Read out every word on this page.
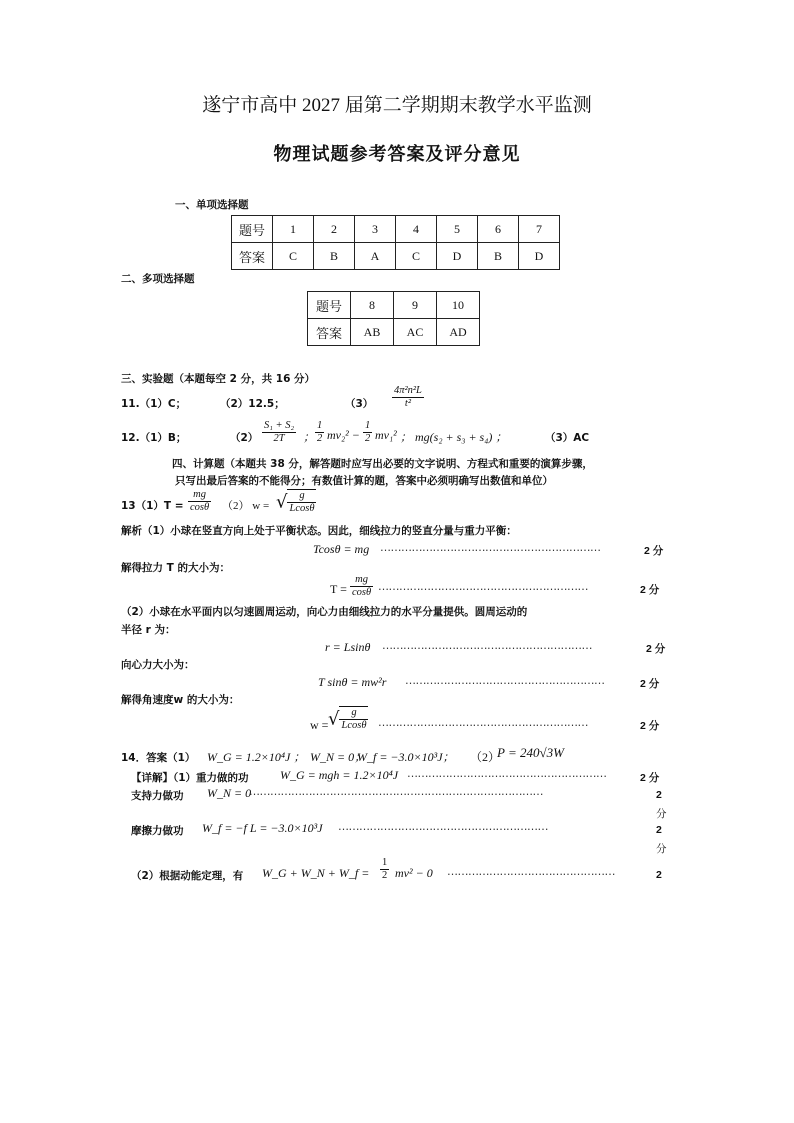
遂宁市高中 2027 届第二学期期末教学水平监测
物理试题参考答案及评分意见
一、单项选择题
题号	1	2	3	4	5	6	7
答案	C	B	A	C	D	B	D
二、多项选择题
题号	8	9	10
答案	AB	AC	AD
三、实验题（本题每空 2 分，共 16 分）
11.（1）C；	（2）12.5；	$(3) \frac{\text{4π²n²L}}{\text{t²}}$
12.（1）B；	$(2) \frac{\text{S₁ + S₂}}{2T}$ ； $\frac{1}{2} mv_2^2 - \frac{1}{2} mv_1^2$ ； mg(s₂ + s₃ + s₄) ；	（3）AC
四、计算题（本题共 38 分，解答题时应写出必要的文字说明、方程式和重要的演算步骤，
只写出最后答案的不能得分；有数值计算的题，答案中必须明确写出数值和单位）
$13(1)T = \frac{mg}{\cos\theta} (2) w$ = √ $\frac{g}{Lcos\theta}$
解析（1）小球在竖直方向上处于平衡状态。因此，细线拉力的竖直分量与重力平衡：
Tcosθ = mg ………………………………………………………	2 分
解得拉力 T 的大小为：
$T = \frac{mg}{\cos\theta}$ ……………………………………………………	2 分
（2）小球在水平面内以匀速圆周运动，向心力由细线拉力的水平分量提供。圆周运动的
半径 r 为：
r = Lsinθ ……………………………………………………	2 分
向心力大小为：
T sinθ = mw²r …………………………………………………	2 分
解得角速度w 的大小为：
w = √ $\frac{g}{Lcos\theta}$ ……………………………………………………	2 分
14．答案（1） W_G = 1.2×10⁴J ； W_N = 0；
W_f = −3.0×10³J； （2）
P = 240√3W
【详解】（1）重力做的功	W_G = mgh = 1.2×10⁴J …………………………………………………	2 分
支持力做功 W_N = 0
…………………………………………………………………………	2
分
摩擦力做功 W_f = −f L = −3.0×10³J ……………………………………………………	2
分
（2）根据动能定理，有 W_G + W_N + W_f = $\frac{1}{2} mv^2 - 0$ …………………………………………	2
